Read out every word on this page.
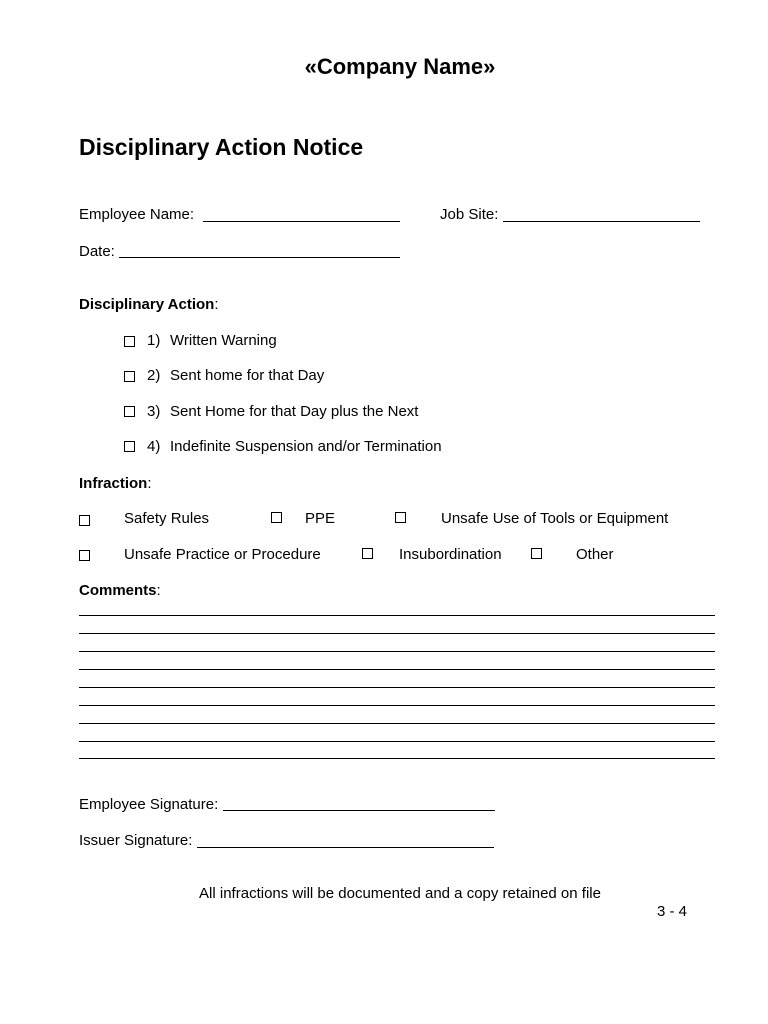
«Company Name»
Disciplinary Action Notice
Employee Name:	Job Site:
Date:
Disciplinary Action:
1) Written Warning
2) Sent home for that Day
3) Sent Home for that Day plus the Next
4) Indefinite Suspension and/or Termination
Infraction:
Safety Rules	PPE	Unsafe Use of Tools or Equipment
Unsafe Practice or Procedure	Insubordination	Other
Comments:
Employee Signature:
Issuer Signature:
All infractions will be documented and a copy retained on file
3 - 4
